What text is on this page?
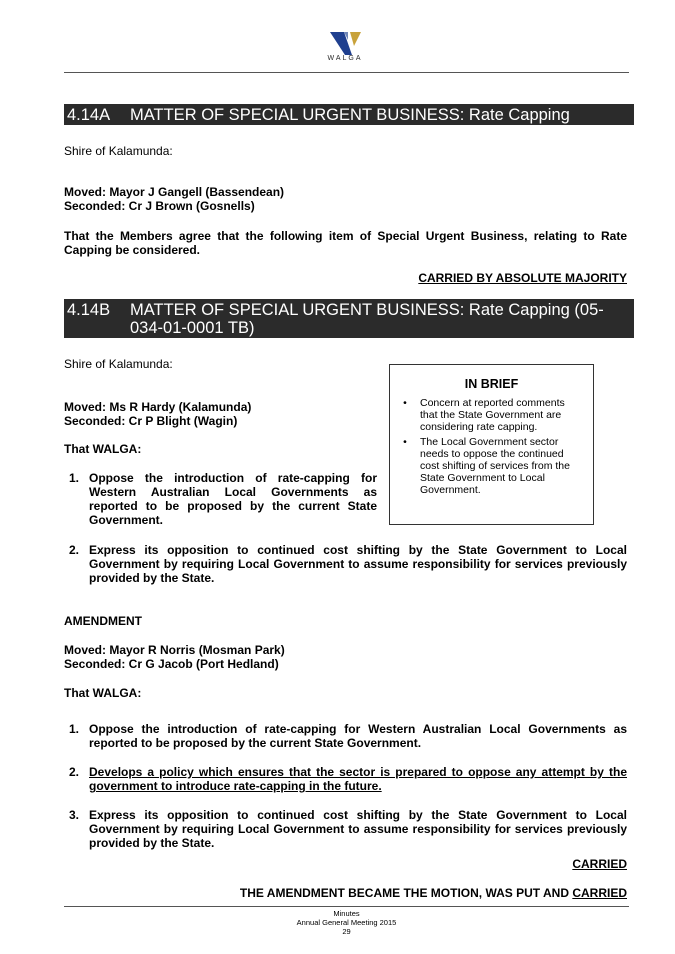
WALGA
4.14A MATTER OF SPECIAL URGENT BUSINESS: Rate Capping
Shire of Kalamunda:
Moved: Mayor J Gangell (Bassendean)
Seconded: Cr J Brown (Gosnells)
That the Members agree that the following item of Special Urgent Business, relating to Rate Capping be considered.
CARRIED BY ABSOLUTE MAJORITY
4.14B MATTER OF SPECIAL URGENT BUSINESS: Rate Capping (05-034-01-0001 TB)
Shire of Kalamunda:
Moved: Ms R Hardy (Kalamunda)
Seconded: Cr P Blight (Wagin)
That WALGA:
1. Oppose the introduction of rate-capping for Western Australian Local Governments as reported to be proposed by the current State Government.
2. Express its opposition to continued cost shifting by the State Government to Local Government by requiring Local Government to assume responsibility for services previously provided by the State.
IN BRIEF
•	Concern at reported comments that the State Government are considering rate capping.
•	The Local Government sector needs to oppose the continued cost shifting of services from the State Government to Local Government.
AMENDMENT
Moved: Mayor R Norris (Mosman Park)
Seconded: Cr G Jacob (Port Hedland)
That WALGA:
1. Oppose the introduction of rate-capping for Western Australian Local Governments as reported to be proposed by the current State Government.
2. Develops a policy which ensures that the sector is prepared to oppose any attempt by the government to introduce rate-capping in the future.
3. Express its opposition to continued cost shifting by the State Government to Local Government by requiring Local Government to assume responsibility for services previously provided by the State.
CARRIED
THE AMENDMENT BECAME THE MOTION, WAS PUT AND CARRIED
Minutes
Annual General Meeting 2015
29
